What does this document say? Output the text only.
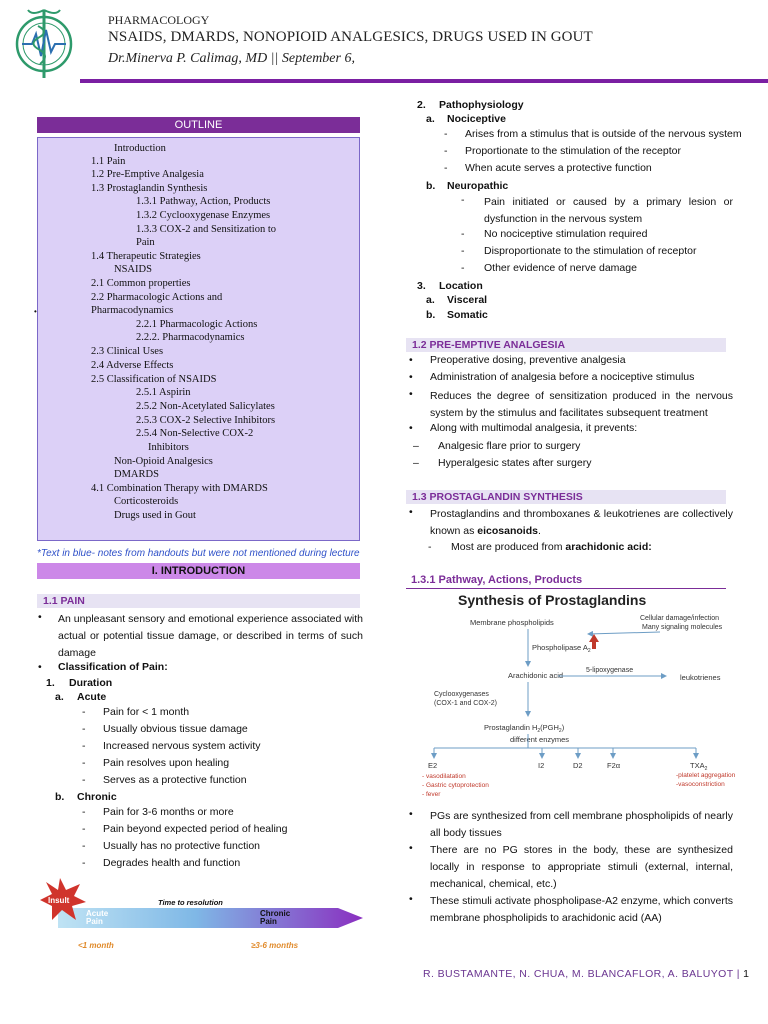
PHARMACOLOGY
NSAIDS, DMARDS, NONOPIOID ANALGESICS, DRUGS USED IN GOUT
Dr.Minerva P. Calimag, MD || September 6,
OUTLINE
Introduction
1.1 Pain
1.2 Pre-Emptive Analgesia
1.3 Prostaglandin Synthesis
1.3.1 Pathway, Action, Products
1.3.2 Cyclooxygenase Enzymes
1.3.3 COX-2 and Sensitization to
Pain
1.4 Therapeutic Strategies
NSAIDS
2.1 Common properties
2.2 Pharmacologic Actions and
Pharmacodynamics
2.2.1 Pharmacologic Actions
2.2.2. Pharmacodynamics
2.3 Clinical Uses
2.4 Adverse Effects
2.5 Classification of NSAIDS
2.5.1 Aspirin
2.5.2 Non-Acetylated Salicylates
2.5.3 COX-2 Selective Inhibitors
2.5.4 Non-Selective COX-2
Inhibitors
Non-Opioid Analgesics
DMARDS
4.1 Combination Therapy with DMARDS
Corticosteroids
Drugs used in Gout
•
*Text in blue- notes from handouts but were not mentioned during lecture
I. INTRODUCTION
1.1 PAIN
• An unpleasant sensory and emotional experience associated with actual or potential tissue damage, or described in terms of such damage
• Classification of Pain:
1. Duration
a. Acute
- Pain for < 1 month
- Usually obvious tissue damage
- Increased nervous system activity
- Pain resolves upon healing
- Serves as a protective function
b. Chronic
- Pain for 3-6 months or more
- Pain beyond expected period of healing
- Usually has no protective function
- Degrades health and function
Insult	Time to resolution
Acute Pain
Chronic Pain
<1 month	≥3-6 months
2. Pathophysiology
a. Nociceptive
- Arises from a stimulus that is outside of the nervous system
- Proportionate to the stimulation of the receptor
- When acute serves a protective function
b. Neuropathic
- Pain initiated or caused by a primary lesion or dysfunction in the nervous system
- No nociceptive stimulation required
- Disproportionate to the stimulation of receptor
- Other evidence of nerve damage
3. Location
a. Visceral
b. Somatic
1.2 PRE-EMPTIVE ANALGESIA
• Preoperative dosing, preventive analgesia
• Administration of analgesia before a nociceptive stimulus
• Reduces the degree of sensitization produced in the nervous system by the stimulus and facilitates subsequent treatment
• Along with multimodal analgesia, it prevents:
– Analgesic flare prior to surgery
– Hyperalgesic states after surgery
1.3 PROSTAGLANDIN SYNTHESIS
• Prostaglandins and thromboxanes & leukotrienes are collectively known as eicosanoids.
- Most are produced from arachidonic acid:
1.3.1 Pathway, Actions, Products
Synthesis of Prostaglandins
Membrane phospholipids	Cellular damage/infection
Many signaling molecules
Phospholipase $A_2$
Arachidonic acid
5-lipoxygenase
leukotrienes
Cyclooxygenases
(COX-1 and COX-2)
Prostaglandin $H_2(PGH_2)$
different enzymes
E2	I2	D2	F2α	$TXA_2$
- vasodilatation
- Gastric cytoprotection
- fever
-platelet aggregation
-vasoconstriction
• PGs are synthesized from cell membrane phospholipids of nearly all body tissues
• There are no PG stores in the body, these are synthesized locally in response to appropriate stimuli (external, internal, mechanical, chemical, etc.)
• These stimuli activate phospholipase-A2 enzyme, which converts membrane phospholipids to arachidonic acid (AA)
R. BUSTAMANTE, N. CHUA, M. BLANCAFLOR, A. BALUYOT | 1
